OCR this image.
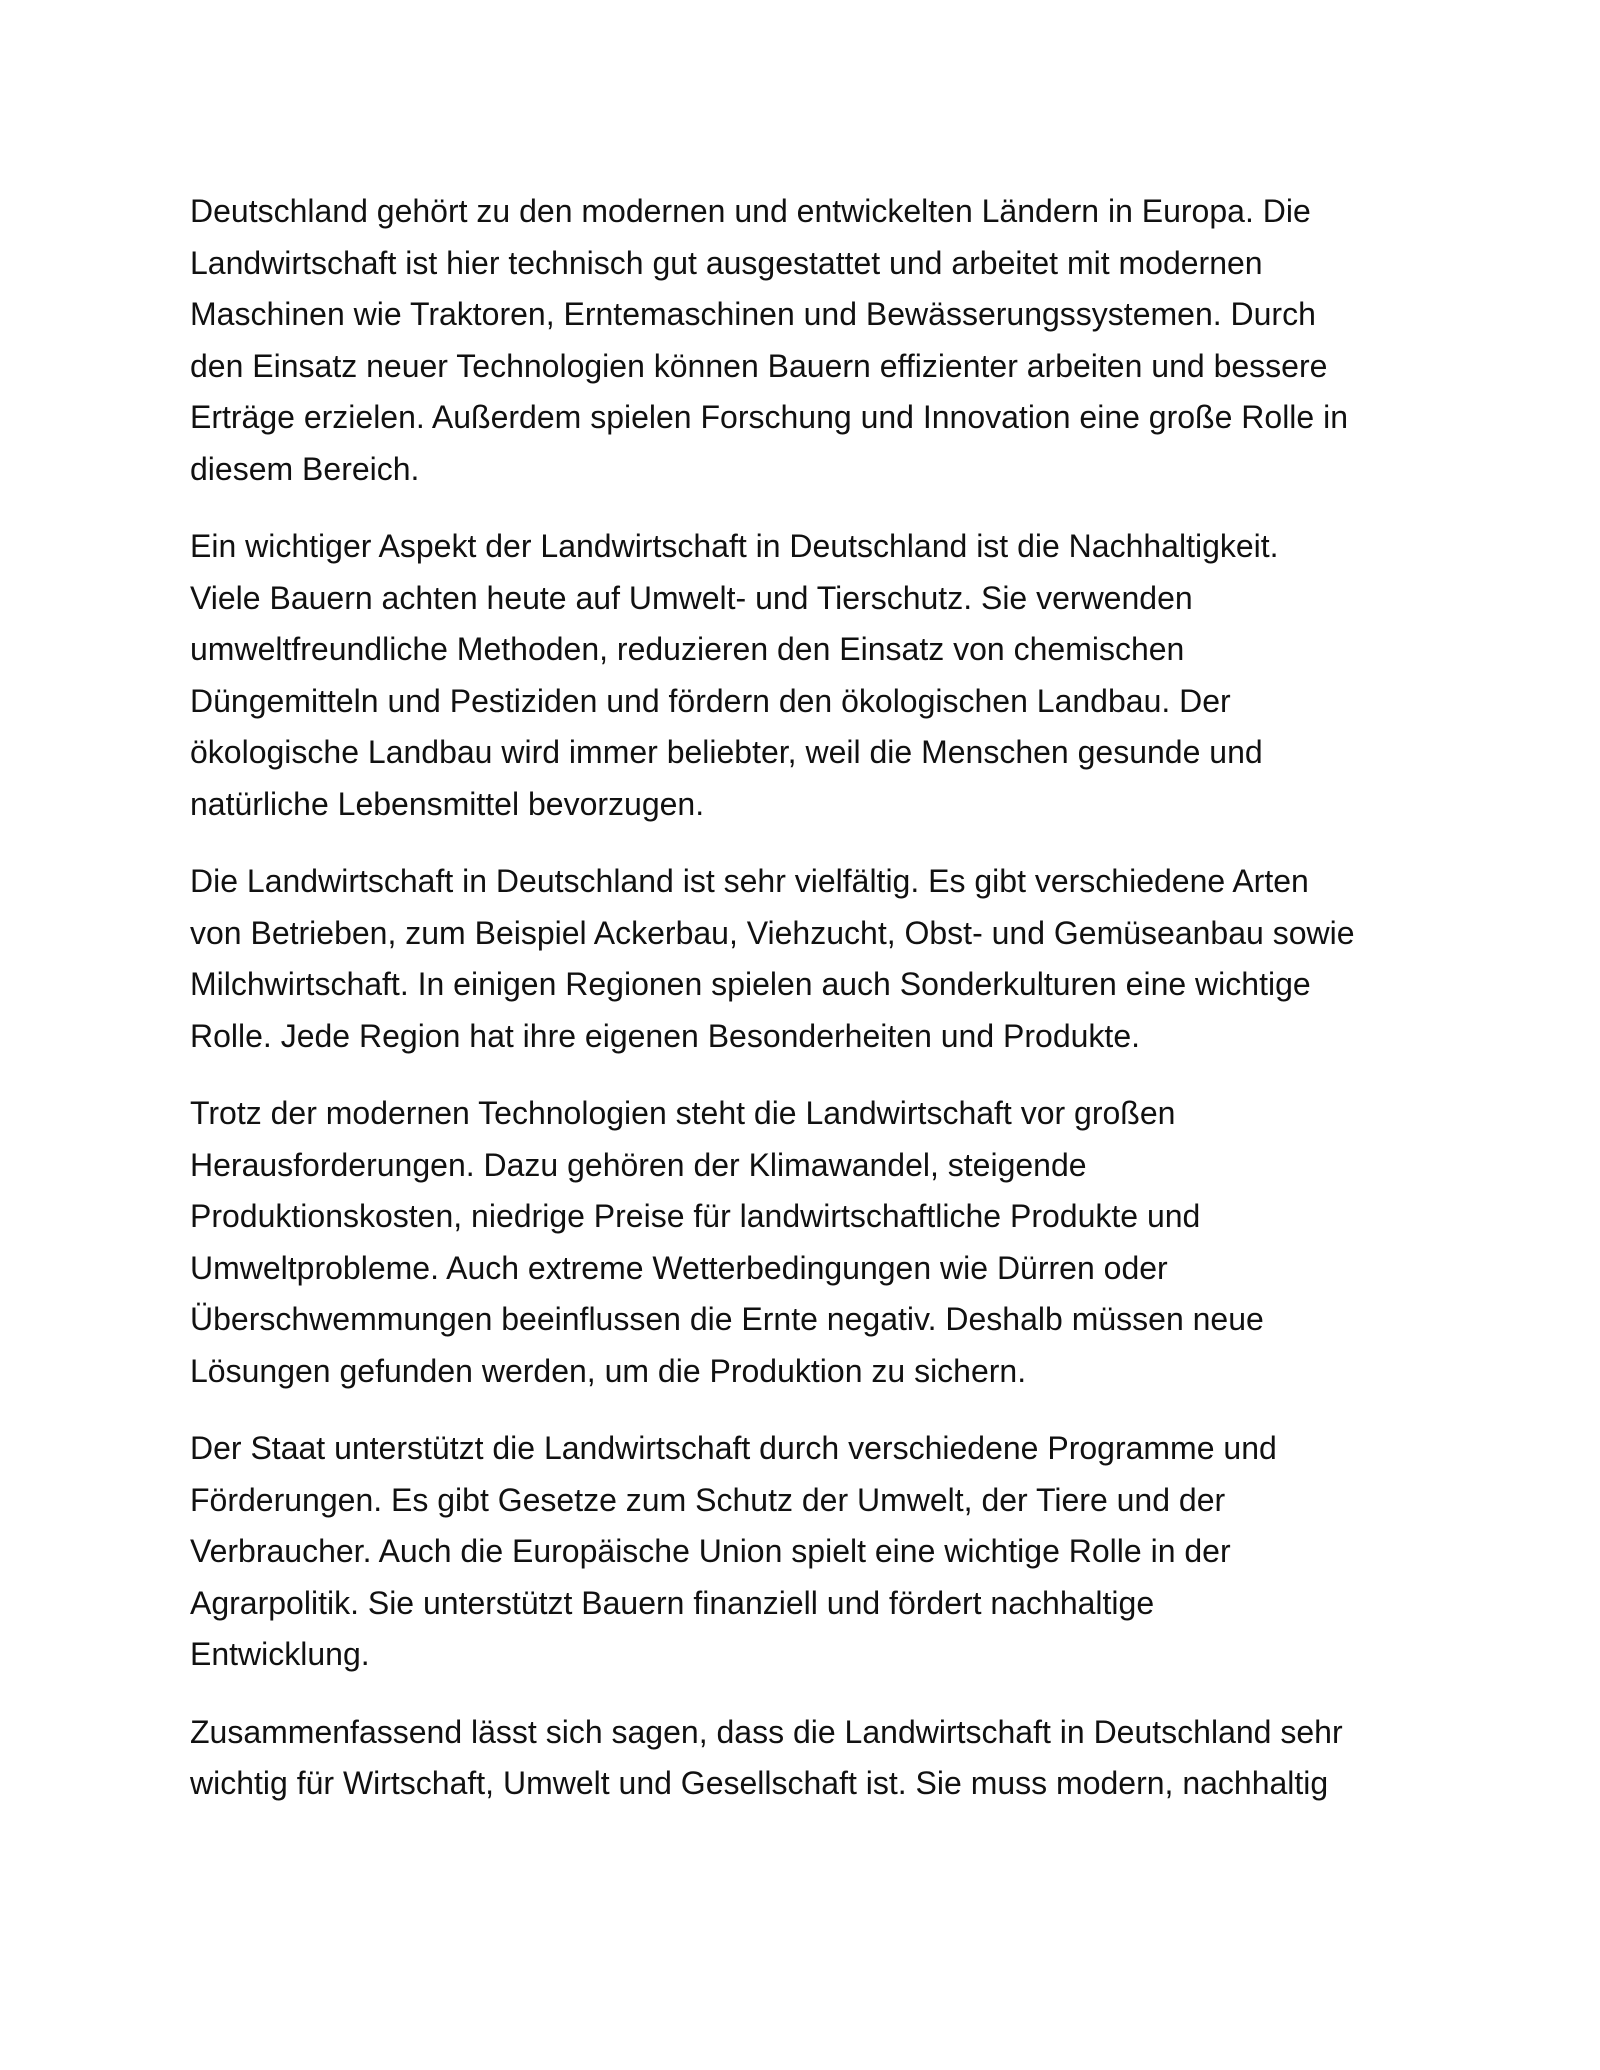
Deutschland gehört zu den modernen und entwickelten Ländern in Europa. Die
Landwirtschaft ist hier technisch gut ausgestattet und arbeitet mit modernen
Maschinen wie Traktoren, Erntemaschinen und Bewässerungssystemen. Durch
den Einsatz neuer Technologien können Bauern effizienter arbeiten und bessere
Erträge erzielen. Außerdem spielen Forschung und Innovation eine große Rolle in
diesem Bereich.

Ein wichtiger Aspekt der Landwirtschaft in Deutschland ist die Nachhaltigkeit.
Viele Bauern achten heute auf Umwelt- und Tierschutz. Sie verwenden
umweltfreundliche Methoden, reduzieren den Einsatz von chemischen
Düngemitteln und Pestiziden und fördern den ökologischen Landbau. Der
ökologische Landbau wird immer beliebter, weil die Menschen gesunde und
natürliche Lebensmittel bevorzugen.

Die Landwirtschaft in Deutschland ist sehr vielfältig. Es gibt verschiedene Arten
von Betrieben, zum Beispiel Ackerbau, Viehzucht, Obst- und Gemüseanbau sowie
Milchwirtschaft. In einigen Regionen spielen auch Sonderkulturen eine wichtige
Rolle. Jede Region hat ihre eigenen Besonderheiten und Produkte.

Trotz der modernen Technologien steht die Landwirtschaft vor großen
Herausforderungen. Dazu gehören der Klimawandel, steigende
Produktionskosten, niedrige Preise für landwirtschaftliche Produkte und
Umweltprobleme. Auch extreme Wetterbedingungen wie Dürren oder
Überschwemmungen beeinflussen die Ernte negativ. Deshalb müssen neue
Lösungen gefunden werden, um die Produktion zu sichern.

Der Staat unterstützt die Landwirtschaft durch verschiedene Programme und
Förderungen. Es gibt Gesetze zum Schutz der Umwelt, der Tiere und der
Verbraucher. Auch die Europäische Union spielt eine wichtige Rolle in der
Agrarpolitik. Sie unterstützt Bauern finanziell und fördert nachhaltige
Entwicklung.

Zusammenfassend lässt sich sagen, dass die Landwirtschaft in Deutschland sehr
wichtig für Wirtschaft, Umwelt und Gesellschaft ist. Sie muss modern, nachhaltig
